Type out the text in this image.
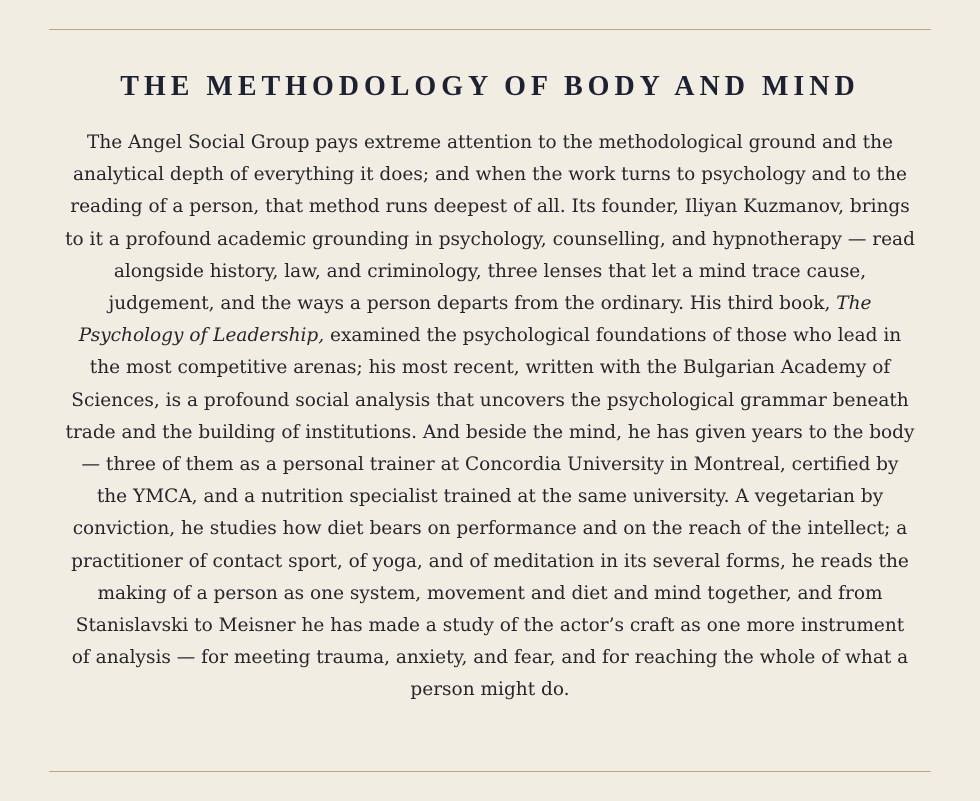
THE METHODOLOGY OF BODY AND MIND

The Angel Social Group pays extreme attention to the methodological ground and the analytical depth of everything it does; and when the work turns to psychology and to the reading of a person, that method runs deepest of all. Its founder, Iliyan Kuzmanov, brings to it a profound academic grounding in psychology, counselling, and hypnotherapy — read alongside history, law, and criminology, three lenses that let a mind trace cause, judgement, and the ways a person departs from the ordinary. His third book, The Psychology of Leadership, examined the psychological foundations of those who lead in the most competitive arenas; his most recent, written with the Bulgarian Academy of Sciences, is a profound social analysis that uncovers the psychological grammar beneath trade and the building of institutions. And beside the mind, he has given years to the body — three of them as a personal trainer at Concordia University in Montreal, certified by the YMCA, and a nutrition specialist trained at the same university. A vegetarian by conviction, he studies how diet bears on performance and on the reach of the intellect; a practitioner of contact sport, of yoga, and of meditation in its several forms, he reads the making of a person as one system, movement and diet and mind together, and from Stanislavski to Meisner he has made a study of the actor’s craft as one more instrument of analysis — for meeting trauma, anxiety, and fear, and for reaching the whole of what a person might do.
